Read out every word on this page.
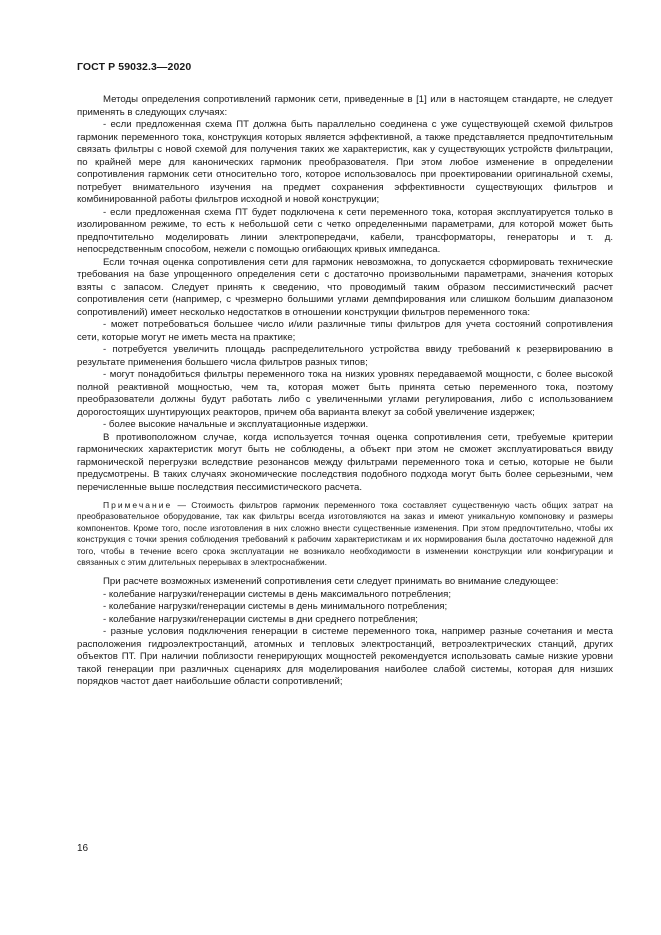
ГОСТ Р 59032.3—2020

Методы определения сопротивлений гармоник сети, приведенные в [1] или в настоящем стандарте, не следует применять в следующих случаях:

- если предложенная схема ПТ должна быть параллельно соединена с уже существующей схемой фильтров гармоник переменного тока, конструкция которых является эффективной, а также представляется предпочтительным связать фильтры с новой схемой для получения таких же характеристик, как у существующих устройств фильтрации, по крайней мере для канонических гармоник преобразователя. При этом любое изменение в определении сопротивления гармоник сети относительно того, которое использовалось при проектировании оригинальной схемы, потребует внимательного изучения на предмет сохранения эффективности существующих фильтров и комбинированной работы фильтров исходной и новой конструкции;

- если предложенная схема ПТ будет подключена к сети переменного тока, которая эксплуатируется только в изолированном режиме, то есть к небольшой сети с четко определенными параметрами, для которой может быть предпочтительно моделировать линии электропередачи, кабели, трансформаторы, генераторы и т. д. непосредственным способом, нежели с помощью огибающих кривых импеданса.

Если точная оценка сопротивления сети для гармоник невозможна, то допускается сформировать технические требования на базе упрощенного определения сети с достаточно произвольными параметрами, значения которых взяты с запасом. Следует принять к сведению, что проводимый таким образом пессимистический расчет сопротивления сети (например, с чрезмерно большими углами демпфирования или слишком большим диапазоном сопротивлений) имеет несколько недостатков в отношении конструкции фильтров переменного тока:

- может потребоваться большее число и/или различные типы фильтров для учета состояний сопротивления сети, которые могут не иметь места на практике;

- потребуется увеличить площадь распределительного устройства ввиду требований к резервированию в результате применения большего числа фильтров разных типов;

- могут понадобиться фильтры переменного тока на низких уровнях передаваемой мощности, с более высокой полной реактивной мощностью, чем та, которая может быть принята сетью переменного тока, поэтому преобразователи должны будут работать либо с увеличенными углами регулирования, либо с использованием дорогостоящих шунтирующих реакторов, причем оба варианта влекут за собой увеличение издержек;

- более высокие начальные и эксплуатационные издержки.

В противоположном случае, когда используется точная оценка сопротивления сети, требуемые критерии гармонических характеристик могут быть не соблюдены, а объект при этом не сможет эксплуатироваться ввиду гармонической перегрузки вследствие резонансов между фильтрами переменного тока и сетью, которые не были предусмотрены. В таких случаях экономические последствия подобного подхода могут быть более серьезными, чем перечисленные выше последствия пессимистического расчета.

Примечание — Стоимость фильтров гармоник переменного тока составляет существенную часть общих затрат на преобразовательное оборудование, так как фильтры всегда изготовляются на заказ и имеют уникальную компоновку и размеры компонентов. Кроме того, после изготовления в них сложно внести существенные изменения. При этом предпочтительно, чтобы их конструкция с точки зрения соблюдения требований к рабочим характеристикам и их нормирования была достаточно надежной для того, чтобы в течение всего срока эксплуатации не возникало необходимости в изменении конструкции или конфигурации и связанных с этим длительных перерывах в электроснабжении.

При расчете возможных изменений сопротивления сети следует принимать во внимание следующее:

- колебание нагрузки/генерации системы в день максимального потребления;

- колебание нагрузки/генерации системы в день минимального потребления;

- колебание нагрузки/генерации системы в дни среднего потребления;

- разные условия подключения генерации в системе переменного тока, например разные сочетания и места расположения гидроэлектростанций, атомных и тепловых электростанций, ветроэлектрических станций, других объектов ПТ. При наличии поблизости генерирующих мощностей рекомендуется использовать самые низкие уровни такой генерации при различных сценариях для моделирования наиболее слабой системы, которая для низших порядков частот дает наибольшие области сопротивлений;

16
